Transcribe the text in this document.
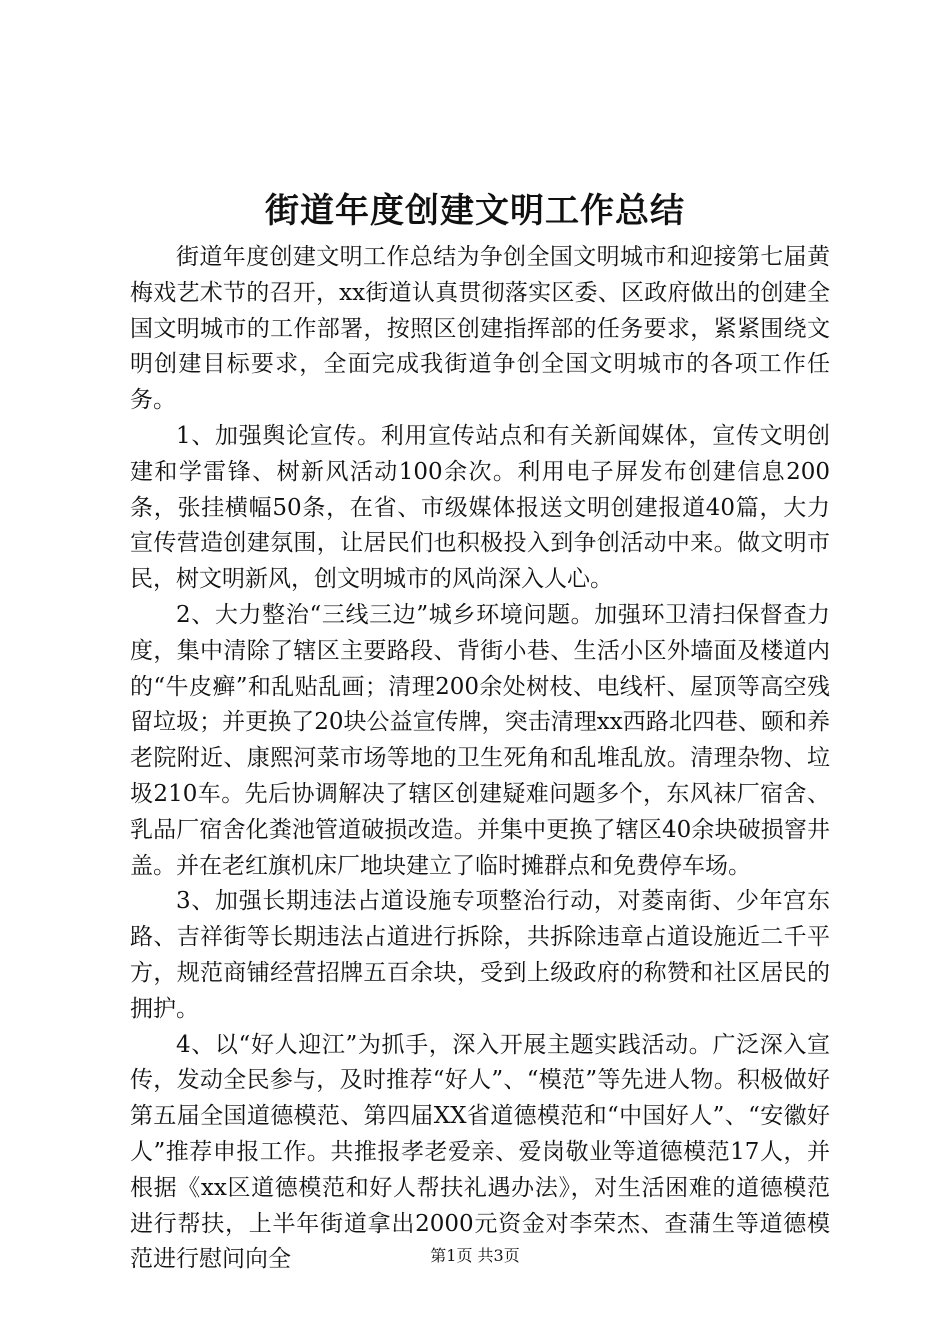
街道年度创建文明工作总结

街道年度创建文明工作总结为争创全国文明城市和迎接第七届黄梅戏艺术节的召开，xx街道认真贯彻落实区委、区政府做出的创建全国文明城市的工作部署，按照区创建指挥部的任务要求，紧紧围绕文明创建目标要求，全面完成我街道争创全国文明城市的各项工作任务。

1、加强舆论宣传。利用宣传站点和有关新闻媒体，宣传文明创建和学雷锋、树新风活动100余次。利用电子屏发布创建信息200条，张挂横幅50条，在省、市级媒体报送文明创建报道40篇，大力宣传营造创建氛围，让居民们也积极投入到争创活动中来。做文明市民，树文明新风，创文明城市的风尚深入人心。

2、大力整治“三线三边”城乡环境问题。加强环卫清扫保督查力度，集中清除了辖区主要路段、背街小巷、生活小区外墙面及楼道内的“牛皮癣”和乱贴乱画；清理200余处树枝、电线杆、屋顶等高空残留垃圾；并更换了20块公益宣传牌，突击清理xx西路北四巷、颐和养老院附近、康熙河菜市场等地的卫生死角和乱堆乱放。清理杂物、垃圾210车。先后协调解决了辖区创建疑难问题多个，东风袜厂宿舍、乳品厂宿舍化粪池管道破损改造。并集中更换了辖区40余块破损窨井盖。并在老红旗机床厂地块建立了临时摊群点和免费停车场。

3、加强长期违法占道设施专项整治行动，对菱南街、少年宫东路、吉祥街等长期违法占道进行拆除，共拆除违章占道设施近二千平方，规范商铺经营招牌五百余块，受到上级政府的称赞和社区居民的拥护。

4、以“好人迎江”为抓手，深入开展主题实践活动。广泛深入宣传，发动全民参与，及时推荐“好人”、“模范”等先进人物。积极做好第五届全国道德模范、第四届XX省道德模范和“中国好人”、“安徽好人”推荐申报工作。共推报孝老爱亲、爱岗敬业等道德模范17人，并根据《xx区道德模范和好人帮扶礼遇办法》，对生活困难的道德模范进行帮扶，上半年街道拿出2000元资金对李荣杰、查蒲生等道德模范进行慰问向全	第1页 共3页
